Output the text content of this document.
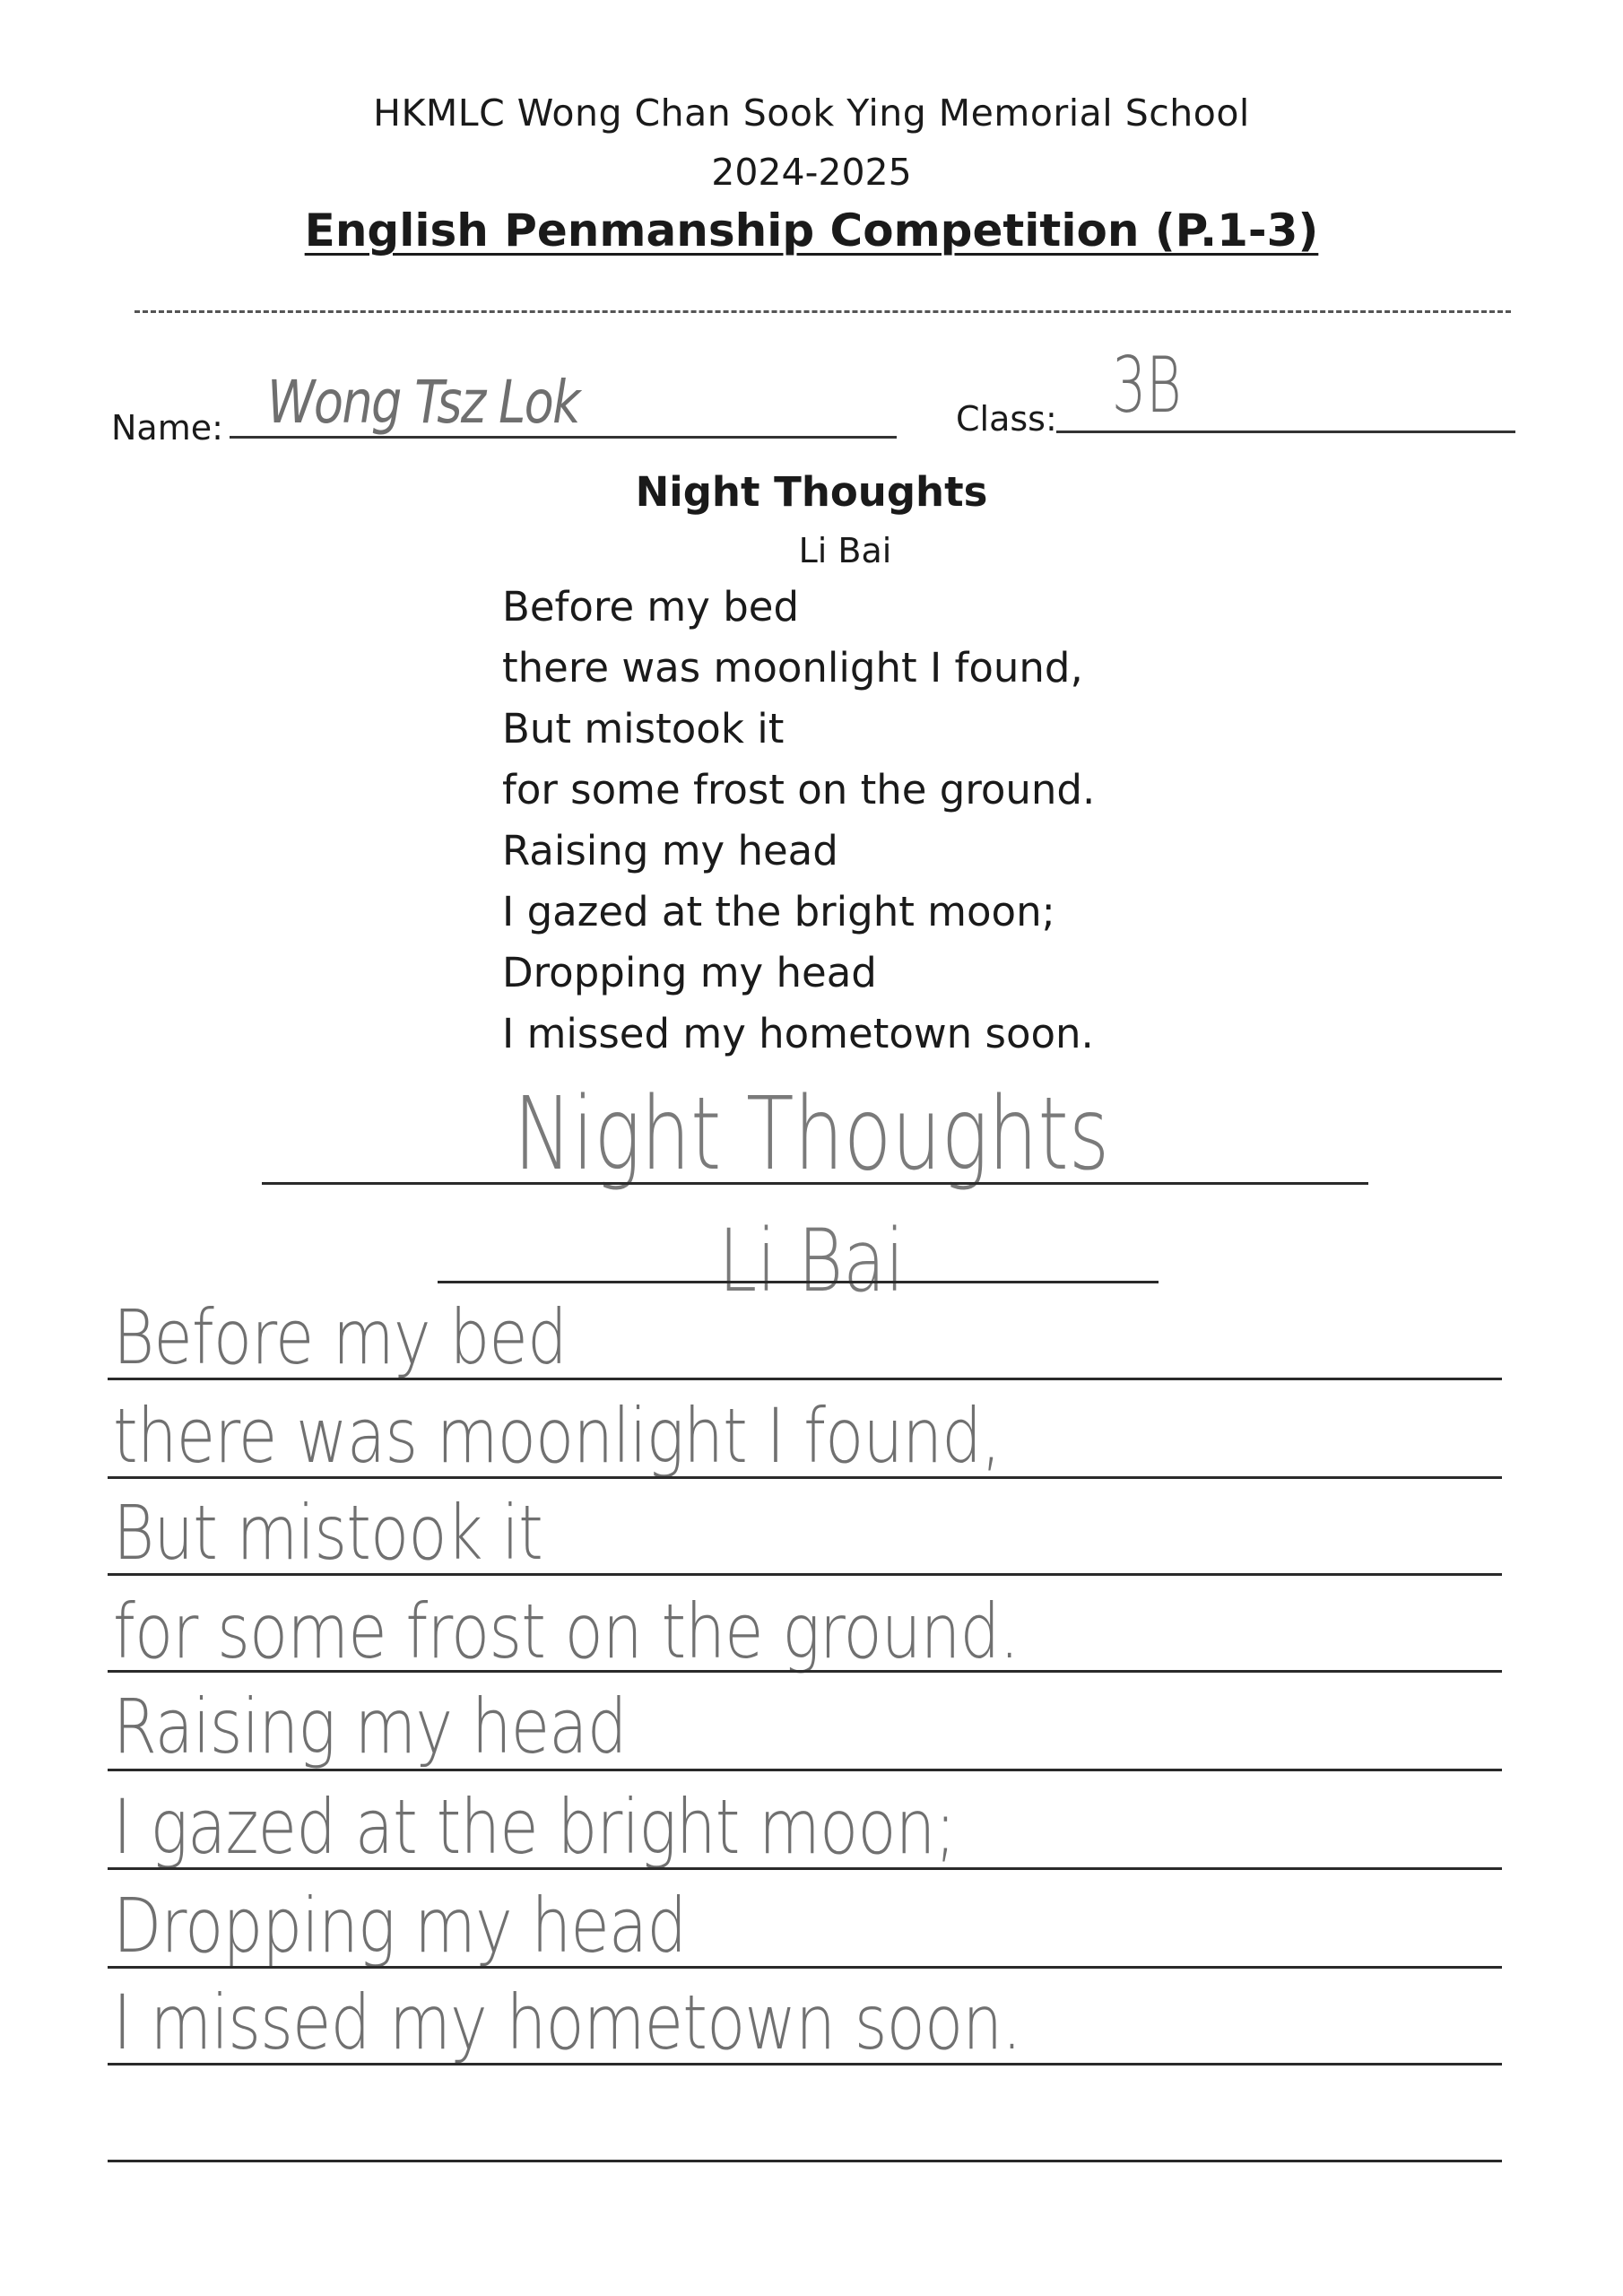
HKMLC Wong Chan Sook Ying Memorial School
2024-2025
English Penmanship Competition (P.1-3)
Name: Wong Tsz Lok	Class: 3B
Night Thoughts
Li Bai
Before my bed
there was moonlight I found,
But mistook it
for some frost on the ground.
Raising my head
I gazed at the bright moon;
Dropping my head
I missed my hometown soon.
Night Thoughts
Li Bai
Before my bed
there was moonlight I found,
But mistook it
for some frost on the ground.
Raising my head
I gazed at the bright moon;
Dropping my head
I missed my hometown soon.
